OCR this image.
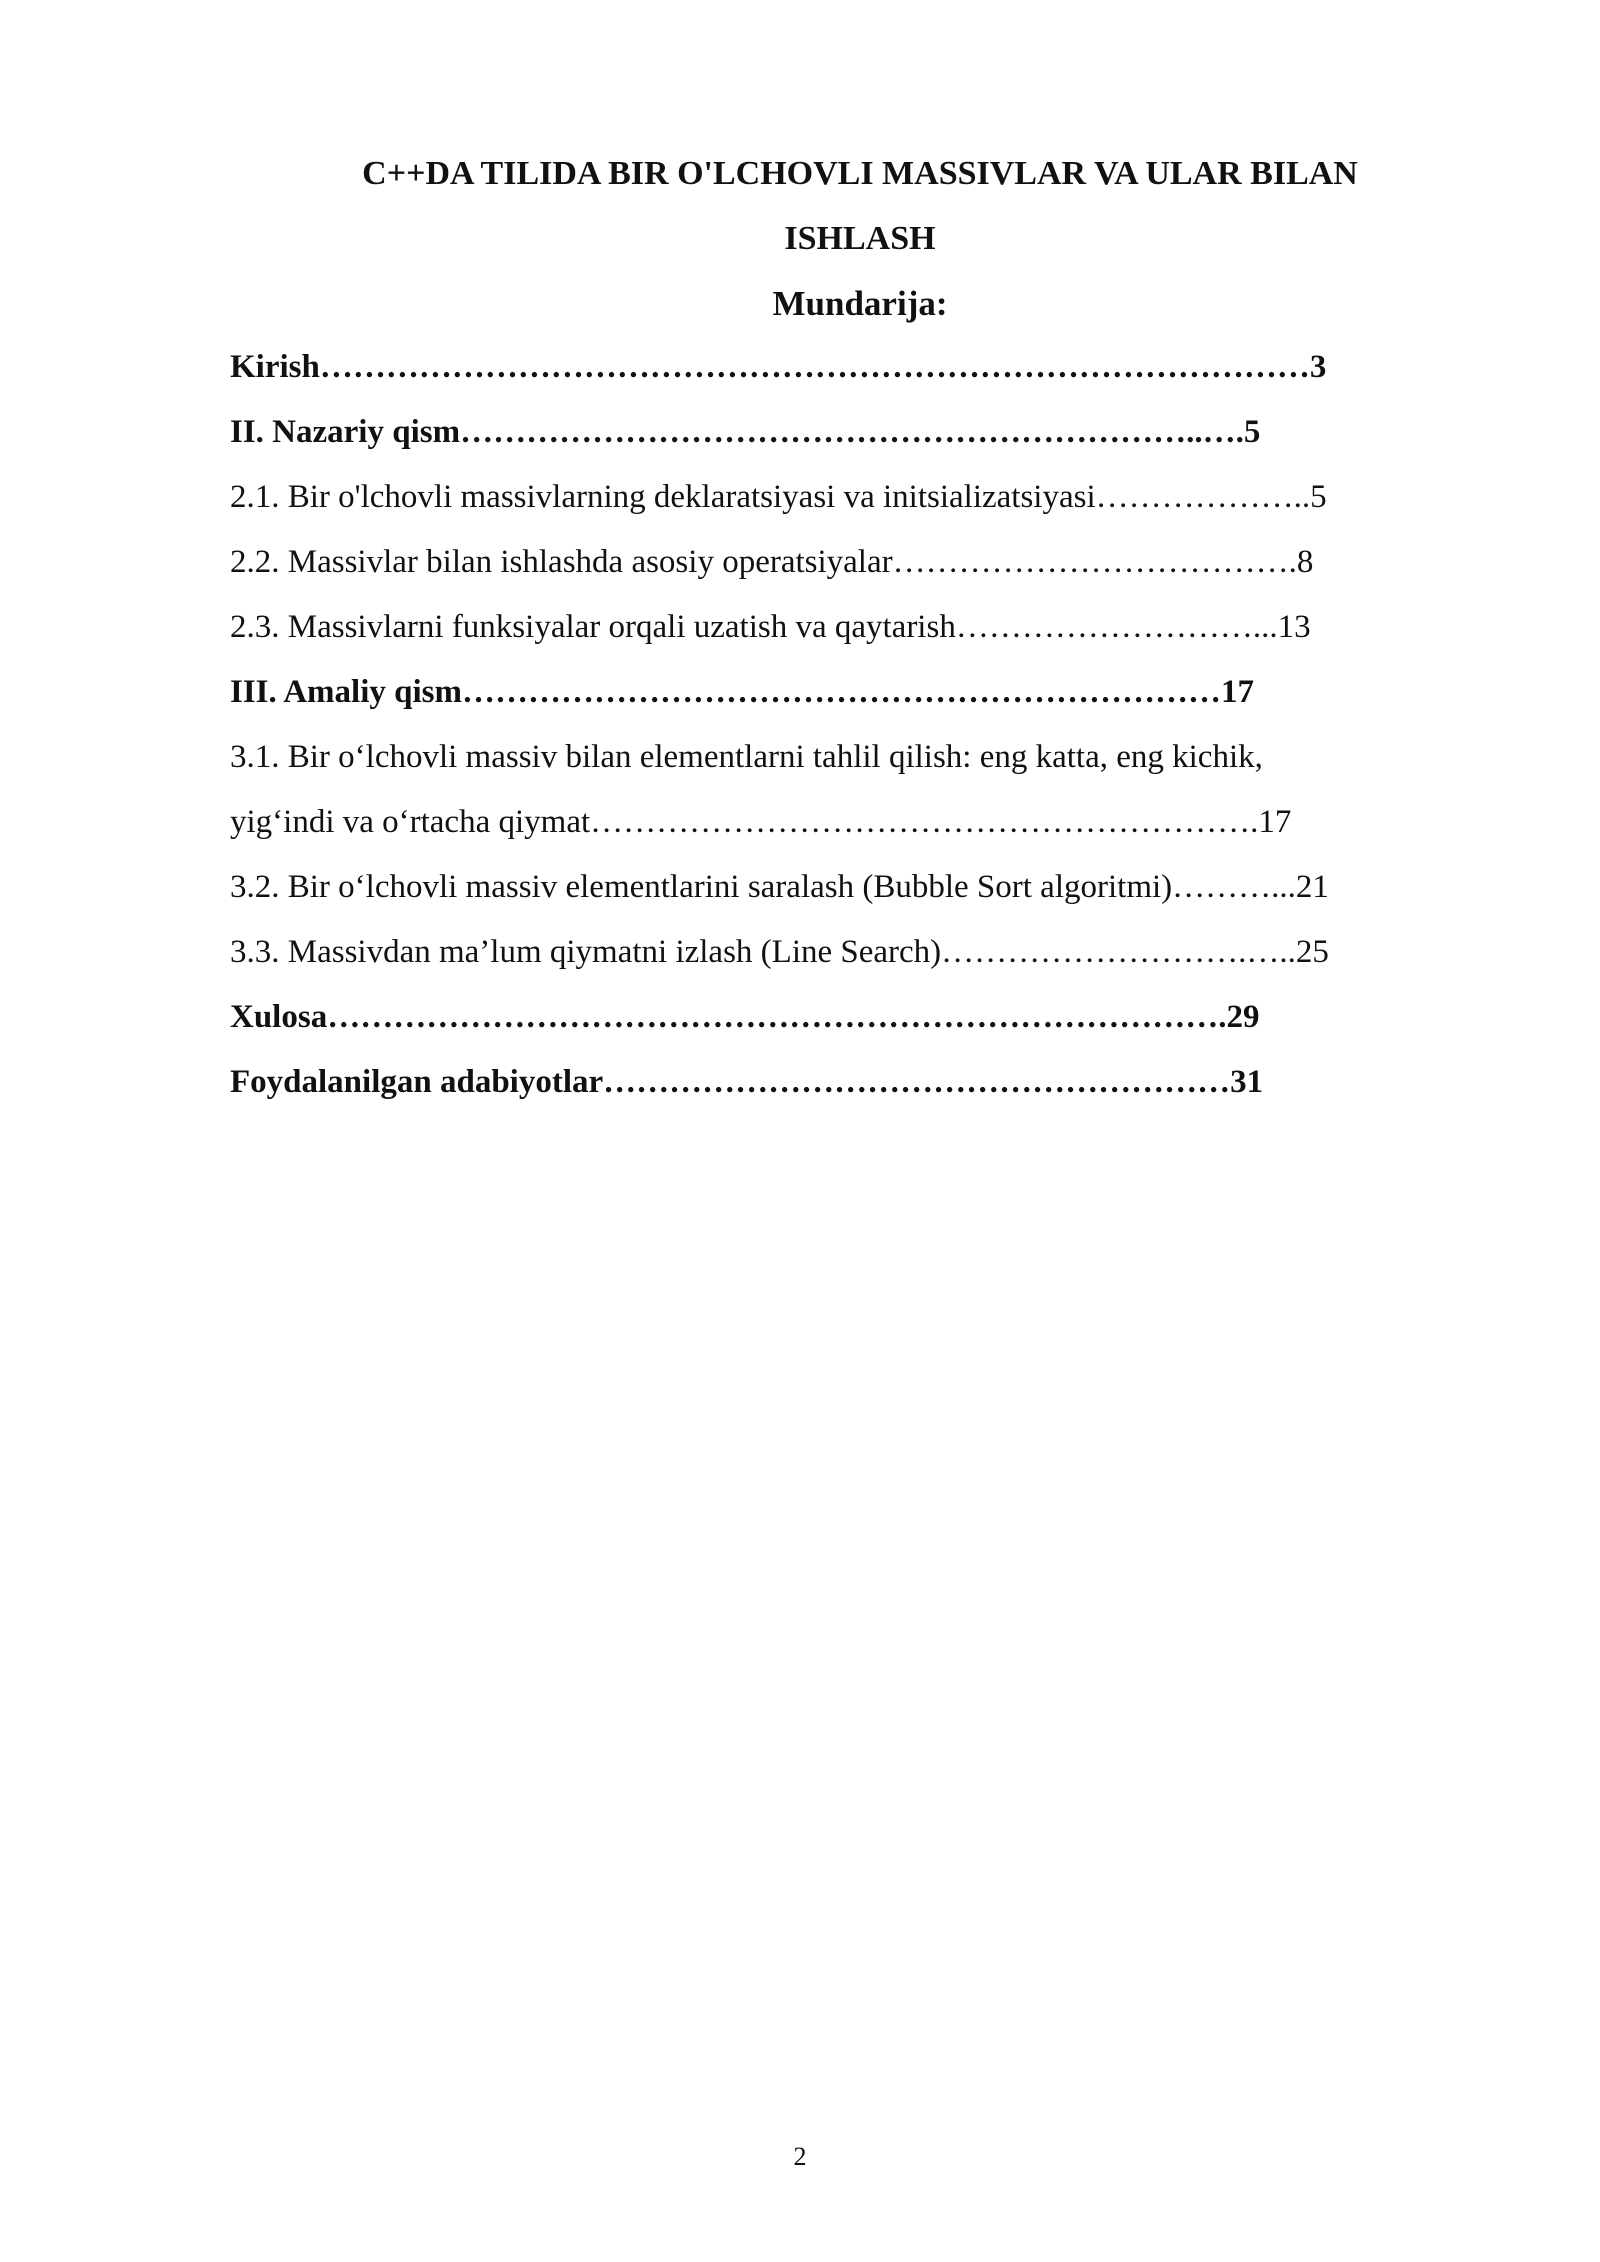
C++DA TILIDA BIR O'LCHOVLI MASSIVLAR VA ULAR BILAN
ISHLASH
Mundarija:
Kirish………………………………………………………………………………3
II. Nazariy qism…………………………………………………………..….5
2.1. Bir o'lchovli massivlarning deklaratsiyasi va initsializatsiyasi………………..5
2.2. Massivlar bilan ishlashda asosiy operatsiyalar……………………………….8
2.3. Massivlarni funksiyalar orqali uzatish va qaytarish………………………...13
III. Amaliy qism……………………………………………………………17
3.1. Bir o‘lchovli massiv bilan elementlarni tahlil qilish: eng katta, eng kichik,
yig‘indi va o‘rtacha qiymat…………………………………………………….17
3.2. Bir o‘lchovli massiv elementlarini saralash (Bubble Sort algoritmi)………...21
3.3. Massivdan ma’lum qiymatni izlash (Line Search)……………………….…..25
Xulosa……………………………………………………………………….29
Foydalanilgan adabiyotlar…………………………………………………31
2
